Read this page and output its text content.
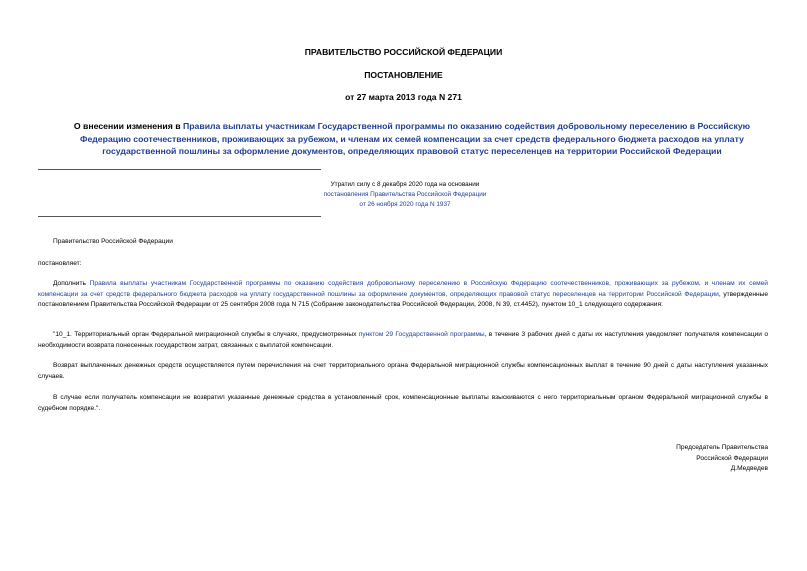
ПРАВИТЕЛЬСТВО РОССИЙСКОЙ ФЕДЕРАЦИИ
ПОСТАНОВЛЕНИЕ
от 27 марта 2013 года N 271
О внесении изменения в Правила выплаты участникам Государственной программы по оказанию содействия добровольному переселению в Российскую Федерацию соотечественников, проживающих за рубежом, и членам их семей компенсации за счет средств федерального бюджета расходов на уплату государственной пошлины за оформление документов, определяющих правовой статус переселенцев на территории Российской Федерации
Утратил силу с 8 декабря 2020 года на основании
постановления Правительства Российской Федерации
от 26 ноября 2020 года N 1937
Правительство Российской Федерации
постановляет:
Дополнить Правила выплаты участникам Государственной программы по оказанию содействия добровольному переселению в Российскую Федерацию соотечественников, проживающих за рубежом, и членам их семей компенсации за счет средств федерального бюджета расходов на уплату государственной пошлины за оформление документов, определяющих правовой статус переселенцев на территории Российской Федерации, утвержденные постановлением Правительства Российской Федерации от 25 сентября 2008 года N 715 (Собрание законодательства Российской Федерации, 2008, N 39, ст.4452), пунктом 10_1 следующего содержания:
"10_1. Территориальный орган Федеральной миграционной службы в случаях, предусмотренных пунктом 29 Государственной программы, в течение 3 рабочих дней с даты их наступления уведомляет получателя компенсации о необходимости возврата понесенных государством затрат, связанных с выплатой компенсации.
Возврат выплаченных денежных средств осуществляется путем перечисления на счет территориального органа Федеральной миграционной службы компенсационных выплат в течение 90 дней с даты наступления указанных случаев.
В случае если получатель компенсации не возвратил указанные денежные средства в установленный срок, компенсационные выплаты взыскиваются с него территориальным органом Федеральной миграционной службы в судебном порядке.".
Председатель Правительства
Российской Федерации
Д.Медведев
